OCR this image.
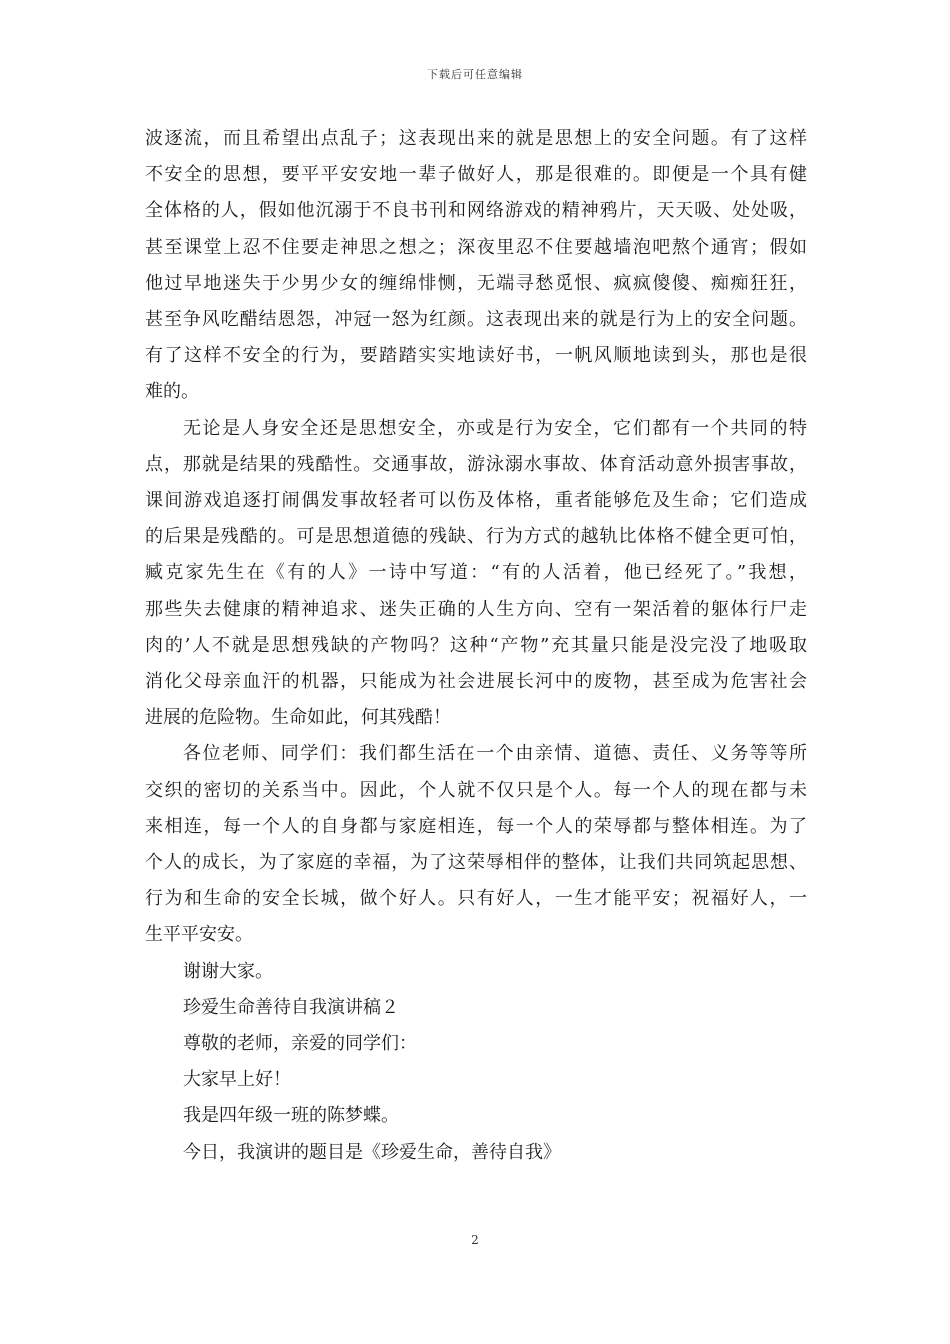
下载后可任意编辑
波逐流，而且希望出点乱子；这表现出来的就是思想上的安全问题。有了这样
不安全的思想，要平平安安地一辈子做好人，那是很难的。即便是一个具有健
全体格的人，假如他沉溺于不良书刊和网络游戏的精神鸦片，天天吸、处处吸，
甚至课堂上忍不住要走神思之想之；深夜里忍不住要越墙泡吧熬个通宵；假如
他过早地迷失于少男少女的缠绵悱恻，无端寻愁觅恨、疯疯傻傻、痴痴狂狂，
甚至争风吃醋结恩怨，冲冠一怒为红颜。这表现出来的就是行为上的安全问题。
有了这样不安全的行为，要踏踏实实地读好书，一帆风顺地读到头，那也是很
难的。
无论是人身安全还是思想安全，亦或是行为安全，它们都有一个共同的特
点，那就是结果的残酷性。交通事故，游泳溺水事故、体育活动意外损害事故，
课间游戏追逐打闹偶发事故轻者可以伤及体格，重者能够危及生命；它们造成
的后果是残酷的。可是思想道德的残缺、行为方式的越轨比体格不健全更可怕，
臧克家先生在《有的人》一诗中写道：“有的人活着，他已经死了。”我想，
那些失去健康的精神追求、迷失正确的人生方向、空有一架活着的躯体行尸走
肉的’人不就是思想残缺的产物吗？这种“产物”充其量只能是没完没了地吸取
消化父母亲血汗的机器，只能成为社会进展长河中的废物，甚至成为危害社会
进展的危险物。生命如此，何其残酷！
各位老师、同学们：我们都生活在一个由亲情、道德、责任、义务等等所
交织的密切的关系当中。因此，个人就不仅只是个人。每一个人的现在都与未
来相连，每一个人的自身都与家庭相连，每一个人的荣辱都与整体相连。为了
个人的成长，为了家庭的幸福，为了这荣辱相伴的整体，让我们共同筑起思想、
行为和生命的安全长城，做个好人。只有好人，一生才能平安；祝福好人，一
生平平安安。
谢谢大家。
珍爱生命善待自我演讲稿２
尊敬的老师，亲爱的同学们：
大家早上好！
我是四年级一班的陈梦蝶。
今日，我演讲的题目是《珍爱生命，善待自我》
2
